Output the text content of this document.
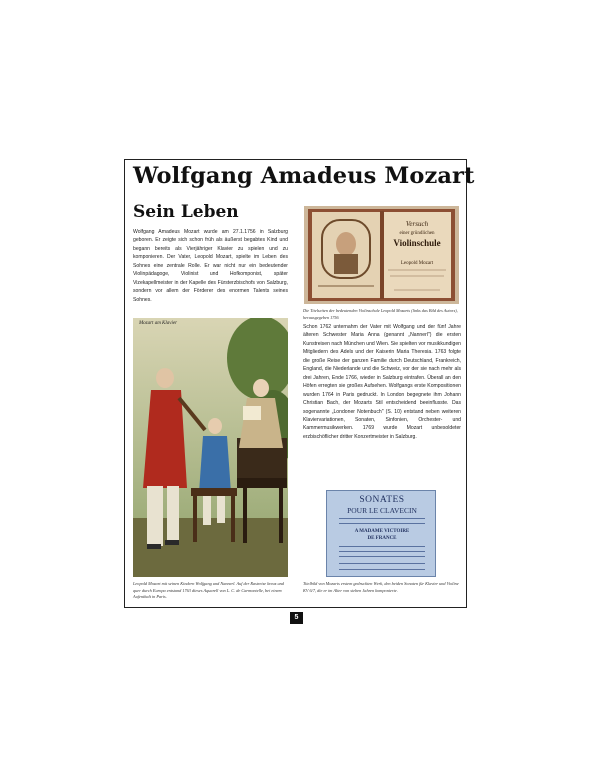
Wolfgang Amadeus Mozart
Sein Leben

Wolfgang Amadeus Mozart wurde am 27.1.1756 in Salzburg geboren. Er zeigte sich schon früh als äußerst begabtes Kind und begann bereits als Vierjähriger Klavier zu spielen und zu komponieren. Der Vater, Leopold Mozart, spielte im Leben des Sohnes eine zentrale Rolle. Er war nicht nur ein bedeutender Violinpädagoge, Violinist und Hofkomponist, später Vizekapellmeister in der Kapelle des Fürsterzbischofs von Salzburg, sondern vor allem der Förderer des enormen Talents seines Sohnes.

Versuch
einer gründlichen
Violinschule
Leopold Mozart

Die Titelseiten der bedeutenden Violinschule Leopold Mozarts (links das Bild des Autors), herausgegeben 1756

Schon 1762 unternahm der Vater mit Wolfgang und der fünf Jahre älteren Schwester Maria Anna (genannt „Nannerl") die ersten Kunstreisen nach München und Wien. Sie spielten vor musikkundigen Mitgliedern des Adels und der Kaiserin Maria Theresia. 1763 folgte die große Reise der ganzen Familie durch Deutschland, Frankreich, England, die Niederlande und die Schweiz, vor der sie nach mehr als drei Jahren, Ende 1766, wieder in Salzburg eintrafen. Überall an den Höfen erregten sie großes Aufsehen. Wolfgangs erste Kompositionen wurden 1764 in Paris gedruckt. In London begegnete ihm Johann Christian Bach, der Mozarts Stil entscheidend beeinflusste. Das sogenannte „Londoner Notenbuch" (S. 10) entstand neben weiteren Klaviervariationen, Sonaten, Sinfonien, Orchester- und Kammermusikwerken. 1769 wurde Mozart unbesoldeter erzbischöflicher dritter Konzertmeister in Salzburg.

Mozart am Klavier

Leopold Mozart mit seinen Kindern Wolfgang und Nannerl. Auf der Rastreise kreuz und quer durch Europa entstand 1763 dieses Aquarell von L. C. de Carmontelle, bei einem Aufenthalt in Paris.

SONATES
POUR LE CLAVECIN
A MADAME VICTOIRE
DE FRANCE

Titelbild von Mozarts erstem gedruckten Werk, den beiden Sonaten für Klavier und Violine KV 6/7, die er im Alter von sieben Jahren komponierte.

5
